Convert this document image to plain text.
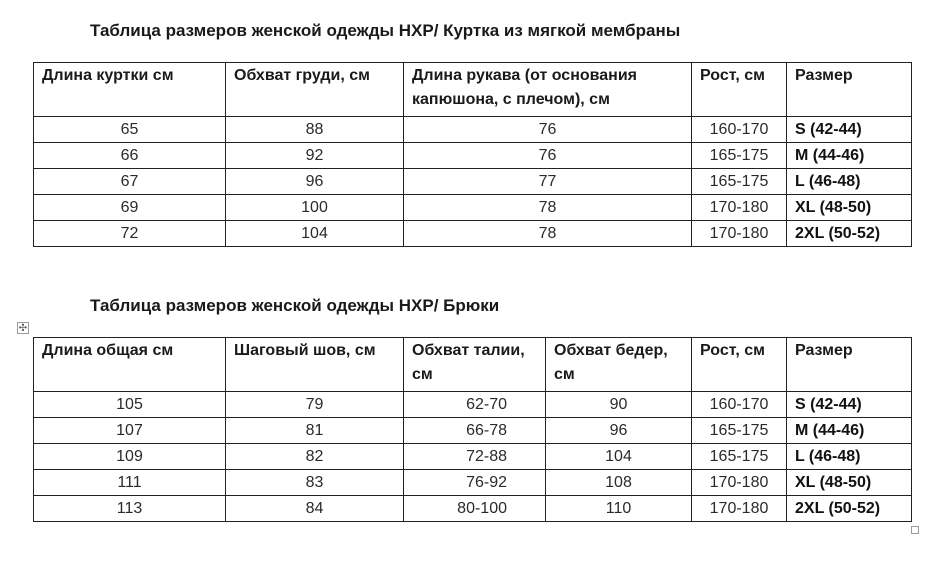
Таблица размеров женской одежды НХР/ Куртка из мягкой мембраны
Длина куртки см	Обхват груди, см	Длина рукава (от основания капюшона, с плечом), см	Рост, см	Размер
65	88	76	160-170	S (42-44)
66	92	76	165-175	M (44-46)
67	96	77	165-175	L (46-48)
69	100	78	170-180	XL (48-50)
72	104	78	170-180	2XL (50-52)
✣
Таблица размеров женской одежды НХР/ Брюки
Длина общая см	Шаговый шов, см	Обхват талии, см	Обхват бедер, см	Рост, см	Размер
105	79	62-70	90	160-170	S (42-44)
107	81	66-78	96	165-175	M (44-46)
109	82	72-88	104	165-175	L (46-48)
111	83	76-92	108	170-180	XL (48-50)
113	84	80-100	110	170-180	2XL (50-52)
